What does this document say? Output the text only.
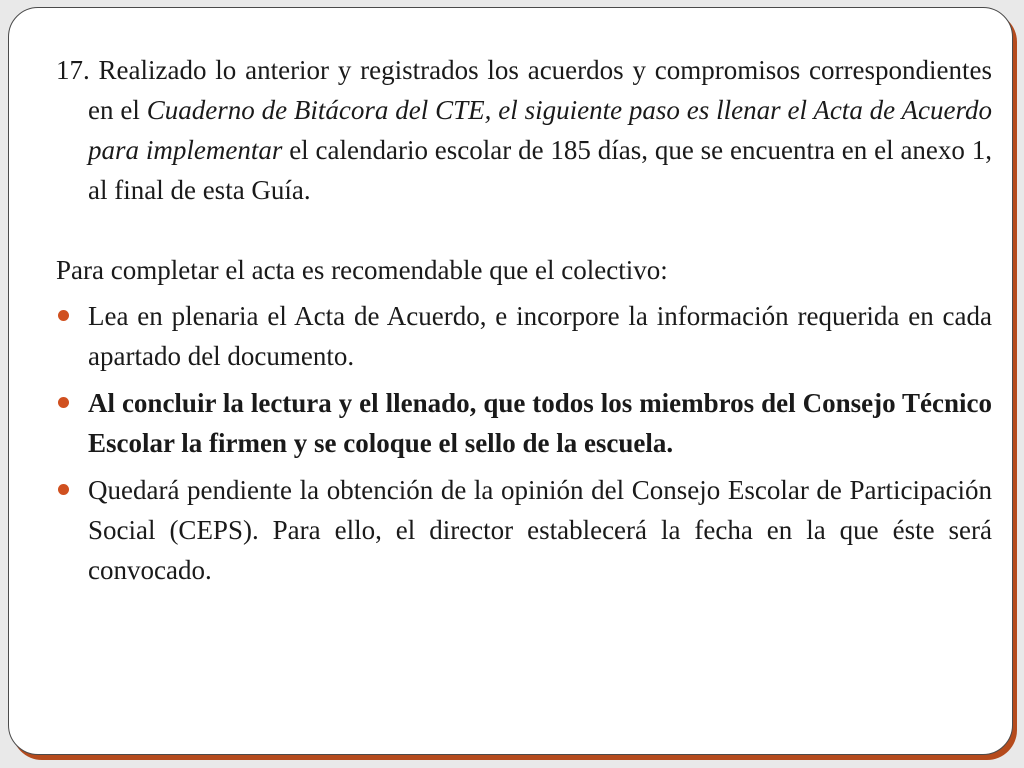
17. Realizado lo anterior y registrados los acuerdos y compromisos correspondientes en el Cuaderno de Bitácora del CTE, el siguiente paso es llenar el Acta de Acuerdo para implementar el calendario escolar de 185 días, que se encuentra en el anexo 1, al final de esta Guía.

Para completar el acta es recomendable que el colectivo:

Lea en plenaria el Acta de Acuerdo, e incorpore la información requerida en cada apartado del documento.
Al concluir la lectura y el llenado, que todos los miembros del Consejo Técnico Escolar la firmen y se coloque el sello de la escuela.
Quedará pendiente la obtención de la opinión del Consejo Escolar de Participación Social (CEPS). Para ello, el director establecerá la fecha en la que éste será convocado.
